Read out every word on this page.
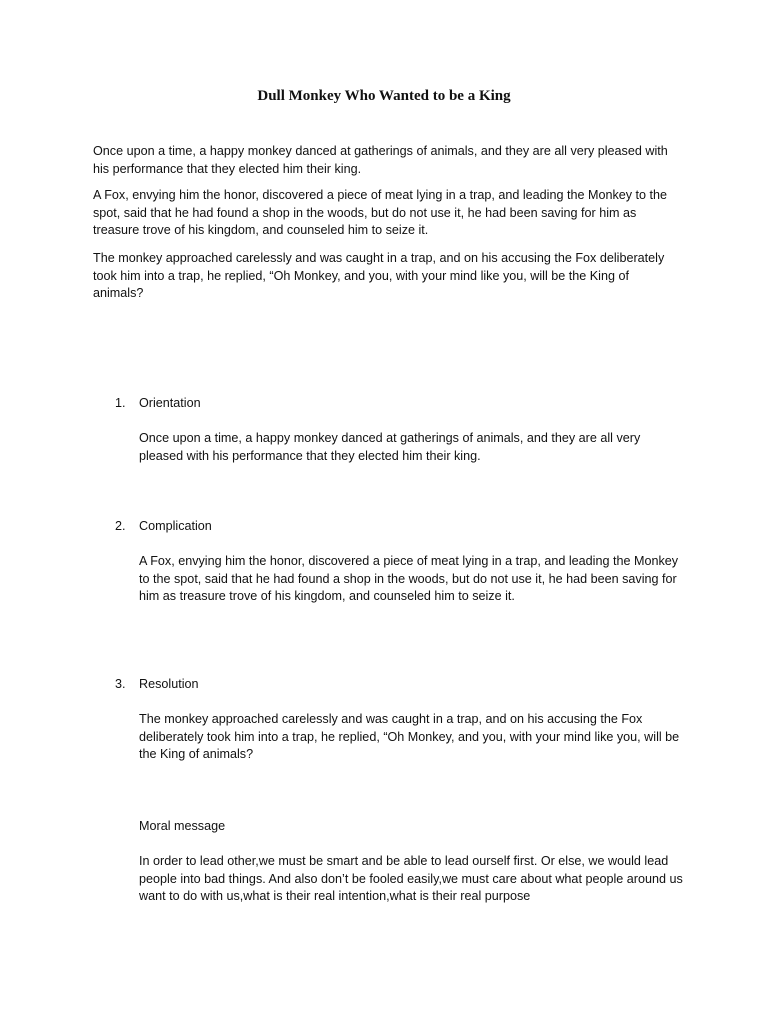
Dull Monkey Who Wanted to be a King

Once upon a time, a happy monkey danced at gatherings of animals, and they are all very pleased with his performance that they elected him their king.

A Fox, envying him the honor, discovered a piece of meat lying in a trap, and leading the Monkey to the spot, said that he had found a shop in the woods, but do not use it, he had been saving for him as treasure trove of his kingdom, and counseled him to seize it.

The monkey approached carelessly and was caught in a trap, and on his accusing the Fox deliberately took him into a trap, he replied, “Oh Monkey, and you, with your mind like you, will be the King of animals?

1. Orientation

Once upon a time, a happy monkey danced at gatherings of animals, and they are all very pleased with his performance that they elected him their king.

2. Complication

A Fox, envying him the honor, discovered a piece of meat lying in a trap, and leading the Monkey to the spot, said that he had found a shop in the woods, but do not use it, he had been saving for him as treasure trove of his kingdom, and counseled him to seize it.

3. Resolution

The monkey approached carelessly and was caught in a trap, and on his accusing the Fox deliberately took him into a trap, he replied, “Oh Monkey, and you, with your mind like you, will be the King of animals?

Moral message

In order to lead other,we must be smart and be able to lead ourself first. Or else, we would lead people into bad things. And also don’t be fooled easily,we must care about what people around us want to do with us,what is their real intention,what is their real purpose
